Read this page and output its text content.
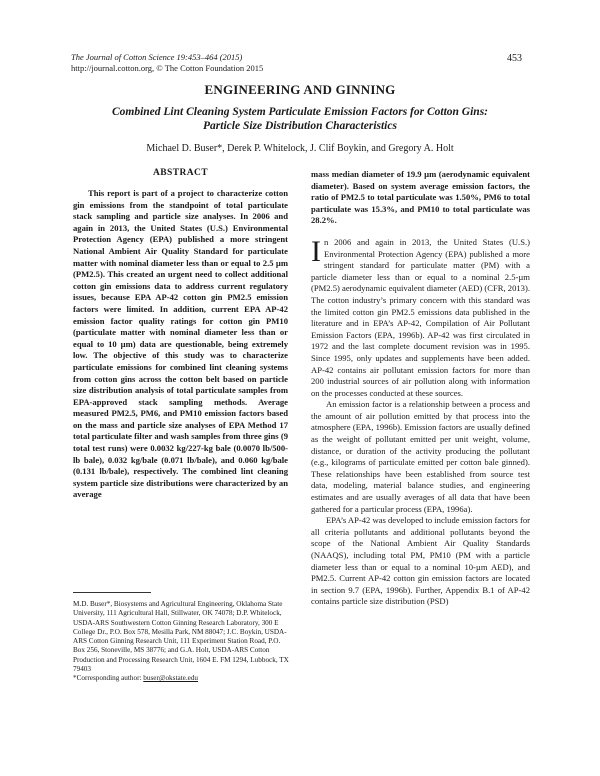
The Journal of Cotton Science 19:453–464 (2015)
http://journal.cotton.org, © The Cotton Foundation 2015
453
ENGINEERING AND GINNING
Combined Lint Cleaning System Particulate Emission Factors for Cotton Gins:
Particle Size Distribution Characteristics
Michael D. Buser*, Derek P. Whitelock, J. Clif Boykin, and Gregory A. Holt
ABSTRACT

This report is part of a project to characterize cotton gin emissions from the standpoint of total particulate stack sampling and particle size analyses. In 2006 and again in 2013, the United States (U.S.) Environmental Protection Agency (EPA) published a more stringent National Ambient Air Quality Standard for particulate matter with nominal diameter less than or equal to 2.5 µm (PM2.5). This created an urgent need to collect additional cotton gin emissions data to address current regulatory issues, because EPA AP-42 cotton gin PM2.5 emission factors were limited. In addition, current EPA AP-42 emission factor quality ratings for cotton gin PM10 (particulate matter with nominal diameter less than or equal to 10 µm) data are questionable, being extremely low. The objective of this study was to characterize particulate emissions for combined lint cleaning systems from cotton gins across the cotton belt based on particle size distribution analysis of total particulate samples from EPA-approved stack sampling methods. Average measured PM2.5, PM6, and PM10 emission factors based on the mass and particle size analyses of EPA Method 17 total particulate filter and wash samples from three gins (9 total test runs) were 0.0032 kg/227-kg bale (0.0070 lb/500-lb bale), 0.032 kg/bale (0.071 lb/bale), and 0.060 kg/bale (0.131 lb/bale), respectively. The combined lint cleaning system particle size distributions were characterized by an average

mass median diameter of 19.9 µm (aerodynamic equivalent diameter). Based on system average emission factors, the ratio of PM2.5 to total particulate was 1.50%, PM6 to total particulate was 15.3%, and PM10 to total particulate was 28.2%.

In 2006 and again in 2013, the United States (U.S.) Environmental Protection Agency (EPA) published a more stringent standard for particulate matter (PM) with a particle diameter less than or equal to a nominal 2.5-µm (PM2.5) aerodynamic equivalent diameter (AED) (CFR, 2013). The cotton industry’s primary concern with this standard was the limited cotton gin PM2.5 emissions data published in the literature and in EPA’s AP-42, Compilation of Air Pollutant Emission Factors (EPA, 1996b). AP-42 was first circulated in 1972 and the last complete document revision was in 1995. Since 1995, only updates and supplements have been added. AP-42 contains air pollutant emission factors for more than 200 industrial sources of air pollution along with information on the processes conducted at these sources.

An emission factor is a relationship between a process and the amount of air pollution emitted by that process into the atmosphere (EPA, 1996b). Emission factors are usually defined as the weight of pollutant emitted per unit weight, volume, distance, or duration of the activity producing the pollutant (e.g., kilograms of particulate emitted per cotton bale ginned). These relationships have been established from source test data, modeling, material balance studies, and engineering estimates and are usually averages of all data that have been gathered for a particular process (EPA, 1996a).

EPA’s AP-42 was developed to include emission factors for all criteria pollutants and additional pollutants beyond the scope of the National Ambient Air Quality Standards (NAAQS), including total PM, PM10 (PM with a particle diameter less than or equal to a nominal 10-µm AED), and PM2.5. Current AP-42 cotton gin emission factors are located in section 9.7 (EPA, 1996b). Further, Appendix B.1 of AP-42 contains particle size distribution (PSD)

M.D. Buser*, Biosystems and Agricultural Engineering, Oklahoma State University, 111 Agricultural Hall, Stillwater, OK 74078; D.P. Whitelock, USDA-ARS Southwestern Cotton Ginning Research Laboratory, 300 E College Dr., P.O. Box 578, Mesilla Park, NM 88047; J.C. Boykin, USDA-ARS Cotton Ginning Research Unit, 111 Experiment Station Road, P.O. Box 256, Stoneville, MS 38776; and G.A. Holt, USDA-ARS Cotton Production and Processing Research Unit, 1604 E. FM 1294, Lubbock, TX 79403

*Corresponding author: buser@okstate.edu
